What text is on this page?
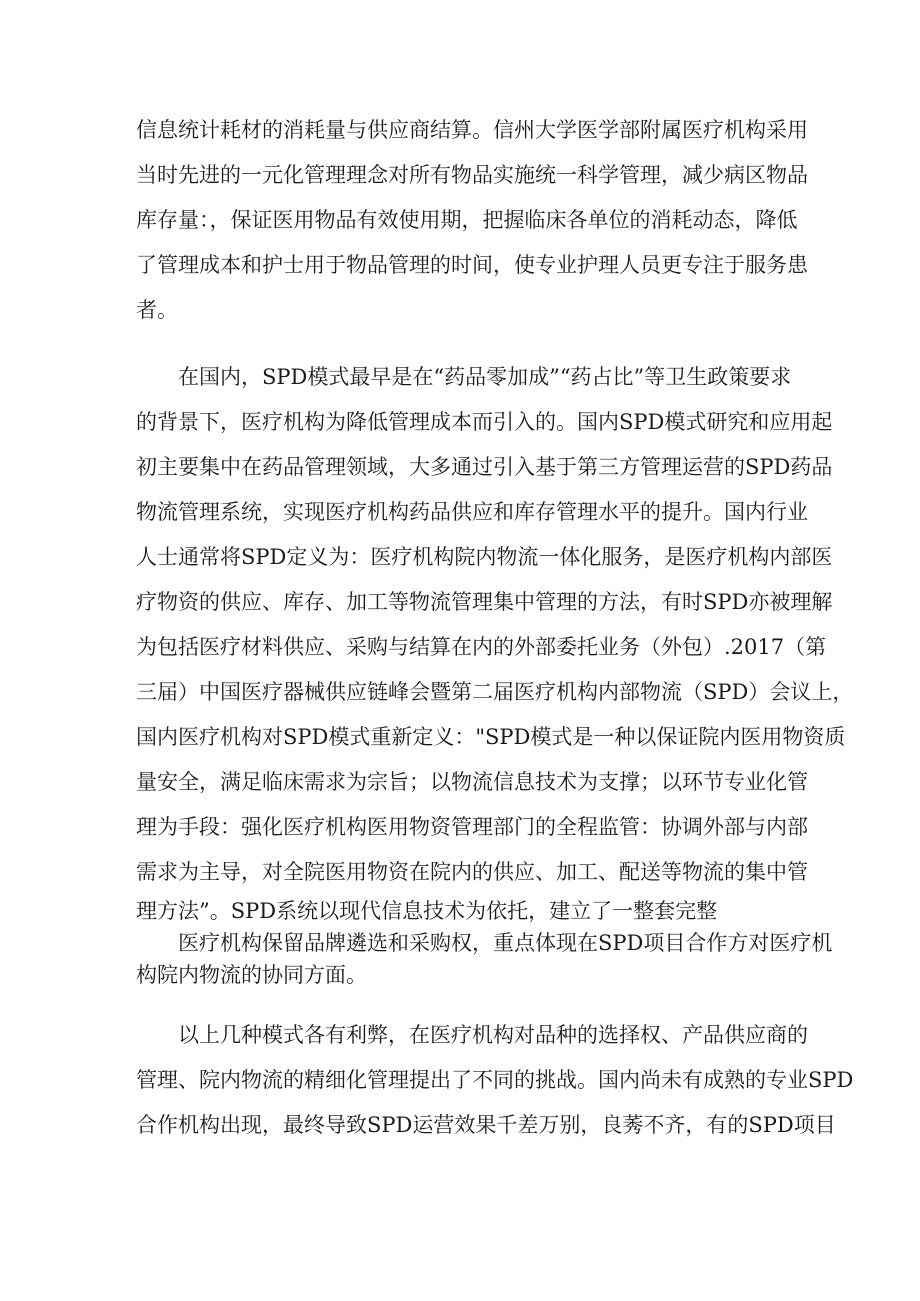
信息统计耗材的消耗量与供应商结算。信州大学医学部附属医疗机构采用
当时先进的一元化管理理念对所有物品实施统一科学管理，减少病区物品
库存量：，保证医用物品有效使用期，把握临床各单位的消耗动态，降低
了管理成本和护士用于物品管理的时间，使专业护理人员更专注于服务患
者。
　　在国内，SPD模式最早是在“药品零加成”“药占比”等卫生政策要求
的背景下，医疗机构为降低管理成本而引入的。国内SPD模式研究和应用起
初主要集中在药品管理领域，大多通过引入基于第三方管理运营的SPD药品
物流管理系统，实现医疗机构药品供应和库存管理水平的提升。国内行业
人士通常将SPD定义为：医疗机构院内物流一体化服务，是医疗机构内部医
疗物资的供应、库存、加工等物流管理集中管理的方法，有时SPD亦被理解
为包括医疗材料供应、采购与结算在内的外部委托业务（外包）.2017（第
三届）中国医疗器械供应链峰会暨第二届医疗机构内部物流（SPD）会议上，
国内医疗机构对SPD模式重新定义："SPD模式是一种以保证院内医用物资质
量安全，满足临床需求为宗旨；以物流信息技术为支撑；以环节专业化管
理为手段：强化医疗机构医用物资管理部门的全程监管：协调外部与内部
需求为主导，对全院医用物资在院内的供应、加工、配送等物流的集中管
理方法”。SPD系统以现代信息技术为依托，建立了一整套完整
　　医疗机构保留品牌遴选和采购权，重点体现在SPD项目合作方对医疗机
构院内物流的协同方面。
　　以上几种模式各有利弊，在医疗机构对品种的选择权、产品供应商的
管理、院内物流的精细化管理提出了不同的挑战。国内尚未有成熟的专业SPD
合作机构出现，最终导致SPD运营效果千差万别，良莠不齐，有的SPD项目
